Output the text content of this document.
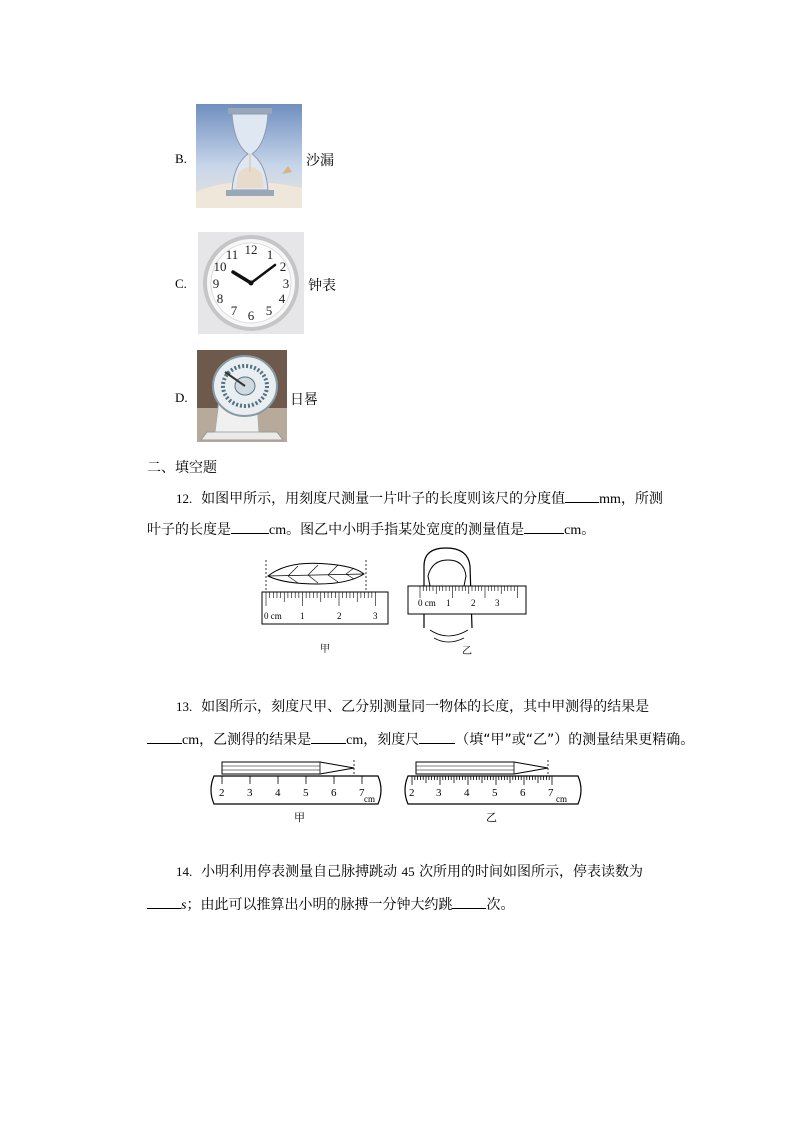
B.	沙漏
C.
12 1
2
3
4
5
6
7
8
9
10
11
钟表
D.	日晷
二、填空题
12. 如图甲所示，用刻度尺测量一片叶子的长度则该尺的分度值 mm，所测
叶子的长度是	cm。图乙中小明手指某处宽度的测量值是	cm。
0 cm 1	2	3
甲
0 cm 1 2 3
乙
13. 如图所示，刻度尺甲、乙分别测量同一物体的长度，其中甲测得的结果是
cm，乙测得的结果是	cm，刻度尺	（填“甲”或“乙”）的测量结果更精确。
2 3 4 5 6 7 cm
甲
2 3 4 5 6 7 cm
乙
14. 小明利用停表测量自己脉搏跳动 45 次所用的时间如图所示，停表读数为
s；由此可以推算出小明的脉搏一分钟大约跳 次。
